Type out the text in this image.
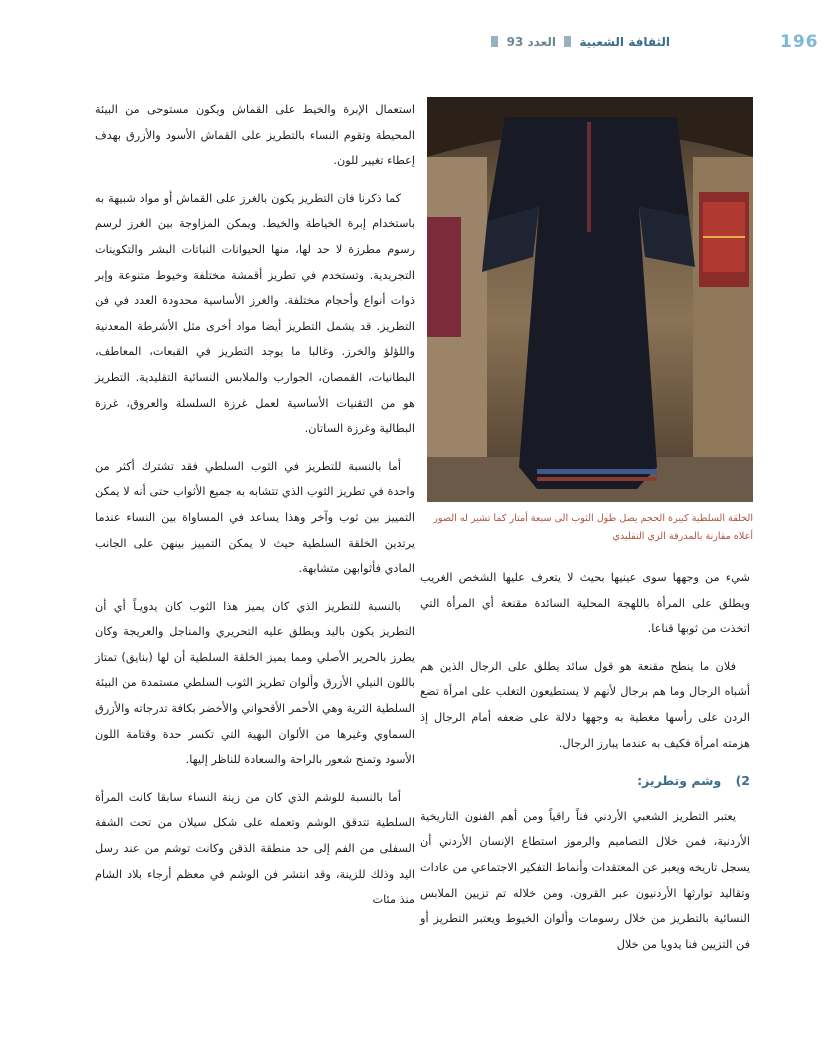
196
الثقافة الشعبية  العدد 93

استعمال الإبرة والخيط على القماش ويكون مستوحى من البيئة المحيطة وتقوم النساء بالتطريز على القماش الأسود والأزرق بهدف إعطاء تغيير للون.

كما ذكرنا فان التطريز يكون بالغرز على القماش أو مواد شبيهة به باستخدام إبرة الخياطة والخيط. ويمكن المزاوجة بين الغرز لرسم رسوم مطرزة لا حد لها، منها الحيوانات النباتات البشر والتكوينات التجريدية. وتستخدم في تطريز أقمشة مختلفة وخيوط متنوعة وإبر ذوات أنواع وأحجام مختلفة. والغرز الأساسية محدودة العدد في فن التطريز. قد يشمل التطريز أيضا مواد أخرى مثل الأشرطة المعدنية واللؤلؤ والخرز. وغالبا ما يوجد التطريز في القبعات، المعاطف، البطانيات، القمصان، الجوارب والملابس النسائية التقليدية. التطريز هو من التقنيات الأساسية لعمل غرزة السلسلة والعروق، غرزة البطالية وغرزة الساتان.

أما بالنسبة للتطريز في الثوب السلطي فقد تشترك أكثر من واحدة في تطريز الثوب الذي تتشابه به جميع الأثواب حتى أنه لا يمكن التمييز بين ثوب وآخر وهذا يساعد في المساواة بين النساء عندما يرتدين الخلقة السلطية حيث لا يمكن التمييز بينهن على الجانب المادي فأثوابهن متشابهة.

بالنسبة للتطريز الذي كان يميز هذا الثوب كان يدويـاً أي أن التطريز يكون باليد ويطلق عليه التحريري والمناجل والعريجة وكان يطرز بالحرير الأصلي ومما يميز الخلقة السلطية أن لها (بنايق) تمتاز باللون النيلي الأزرق وألوان تطريز الثوب السلطي مستمدة من البيئة السلطية الثرية وهي الأحمر الأقحواني والأخضر بكافة تدرجاته والأزرق السماوي وغيرها من الألوان البهية التي تكسر حدة وقتامة اللون الأسود وتمنح شعور بالراحة والسعادة للناظر إليها.

أما بالنسبة للوشم الذي كان من زينة النساء سابقا كانت المرأة السلطية تتدقق الوشم وتعمله على شكل سيلان من تحت الشفة السفلى من الفم إلى حد منطقة الذقن وكانت توشم من عند رسل اليد وذلك للزينة، وقد انتشر فن الوشم في معظم أرجاء بلاد الشام منذ مئات

الخلقة السلطية كبيرة الحجم يصل طول الثوب الى سبعة أمتار كما تشير له الصور أعلاه مقارنة بالمدرقة الزي التقليدي

شيء من وجهها سوى عينيها بحيث لا يتعرف عليها الشخص الغريب ويطلق على المرأة باللهجة المحلية السائدة مقنعة أي المرأة التي اتخذت من ثوبها قناعا.

فلان ما ينطح مقنعة هو قول سائد يطلق على الرجال الذين هم أشباه الرجال وما هم برجال لأنهم لا يستطيعون التغلب على امرأة تضع الردن على رأسها مغطية به وجهها دلالة على ضعفه أمام الرجال إذ هزمته امرأة فكيف به عندما يبارز الرجال.

2) وشم وتطريز:

يعتبر التطريز الشعبي الأردني فناً راقياً ومن أهم الفنون التاريخية الأردنية، فمن خلال التصاميم والرموز استطاع الإنسان الأردني أن يسجل تاريخه ويعبر عن المعتقدات وأنماط التفكير الاجتماعي من عادات وتقاليد توارثها الأردنيون عبر القرون. ومن خلاله تم تزيين الملابس النسائية بالتطريز من خلال رسومات وألوان الخيوط ويعتبر التطريز أو فن التزيين فنا يدويا من خلال
